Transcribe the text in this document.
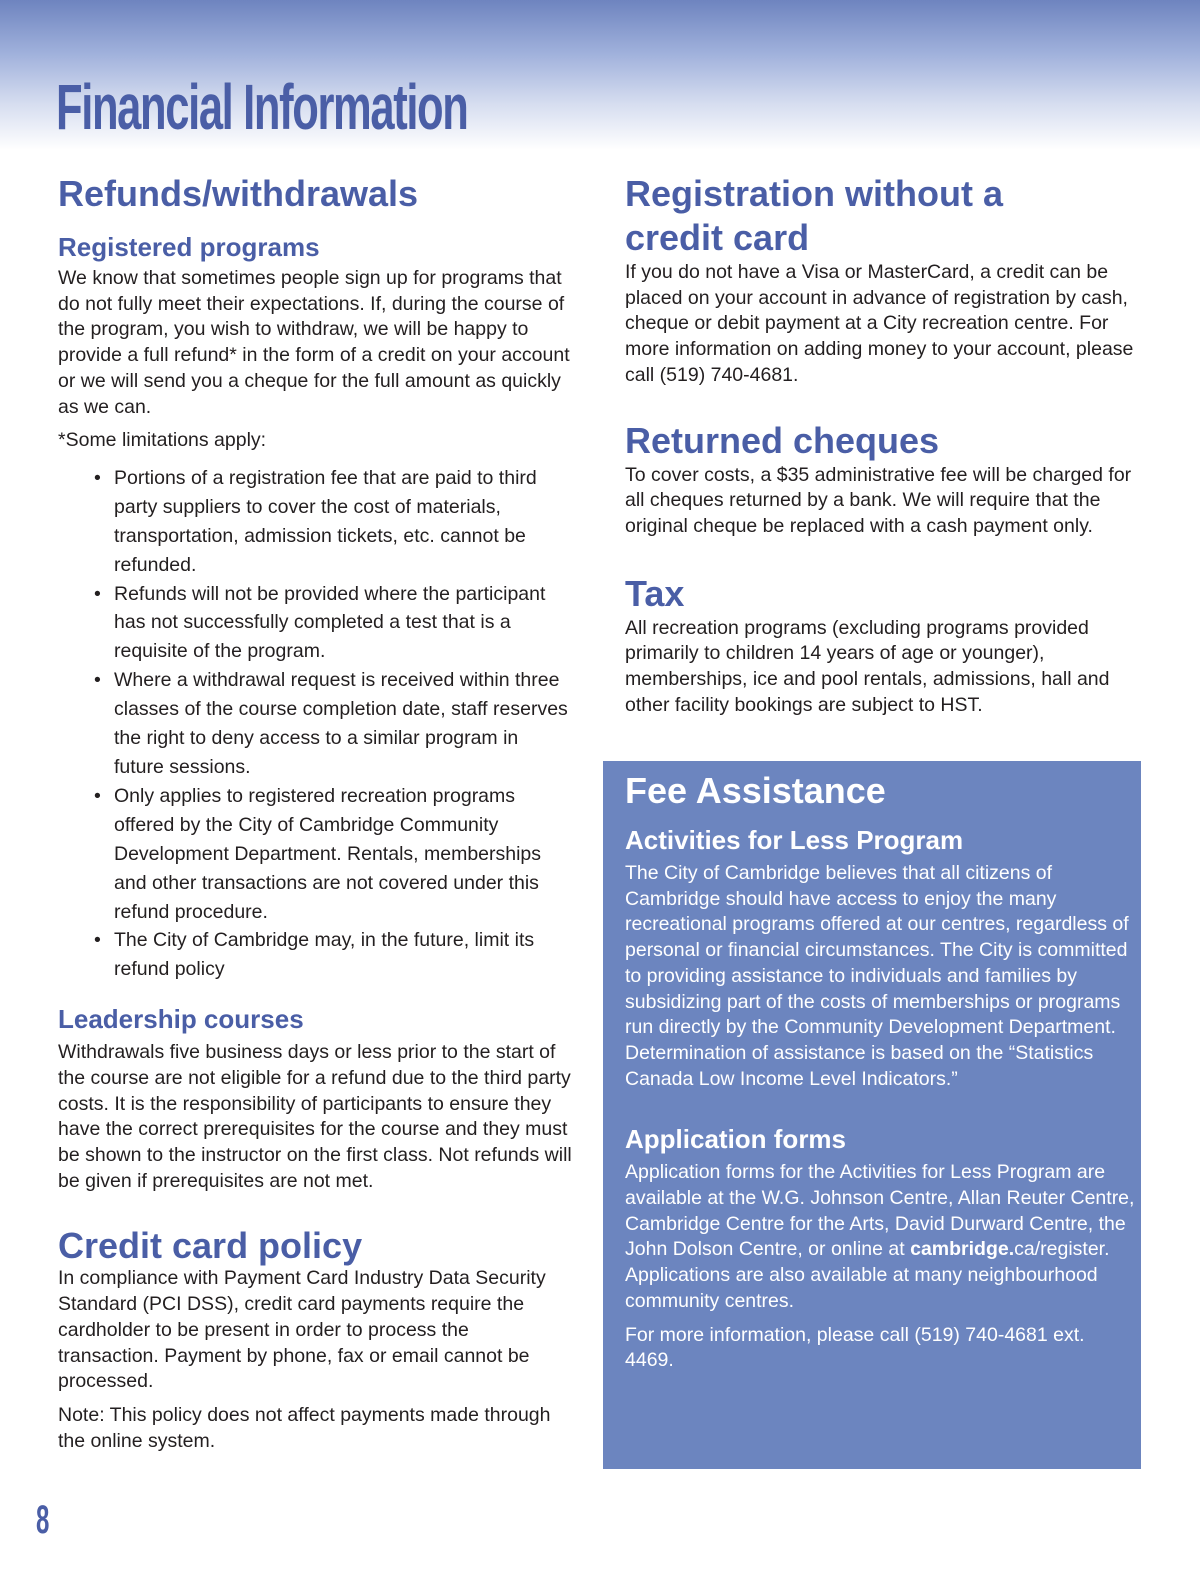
Financial Information
Refunds/withdrawals
Registered programs

We know that sometimes people sign up for programs that do not fully meet their expectations. If, during the course of the program, you wish to withdraw, we will be happy to provide a full refund* in the form of a credit on your account or we will send you a cheque for the full amount as quickly as we can.

*Some limitations apply:

• Portions of a registration fee that are paid to third party suppliers to cover the cost of materials, transportation, admission tickets, etc. cannot be refunded.
• Refunds will not be provided where the participant has not successfully completed a test that is a requisite of the program.
• Where a withdrawal request is received within three classes of the course completion date, staff reserves the right to deny access to a similar program in future sessions.
• Only applies to registered recreation programs offered by the City of Cambridge Community Development Department. Rentals, memberships and other transactions are not covered under this refund procedure.
• The City of Cambridge may, in the future, limit its refund policy
Leadership courses

Withdrawals five business days or less prior to the start of the course are not eligible for a refund due to the third party costs. It is the responsibility of participants to ensure they have the correct prerequisites for the course and they must be shown to the instructor on the first class. Not refunds will be given if prerequisites are not met.

Credit card policy

In compliance with Payment Card Industry Data Security Standard (PCI DSS), credit card payments require the cardholder to be present in order to process the transaction. Payment by phone, fax or email cannot be processed.

Note: This policy does not affect payments made through the online system.

Registration without a credit card

If you do not have a Visa or MasterCard, a credit can be placed on your account in advance of registration by cash, cheque or debit payment at a City recreation centre. For more information on adding money to your account, please call (519) 740-4681.

Returned cheques

To cover costs, a $35 administrative fee will be charged for all cheques returned by a bank. We will require that the original cheque be replaced with a cash payment only.

Tax

All recreation programs (excluding programs provided primarily to children 14 years of age or younger), memberships, ice and pool rentals, admissions, hall and other facility bookings are subject to HST.

Fee Assistance
Activities for Less Program

The City of Cambridge believes that all citizens of Cambridge should have access to enjoy the many recreational programs offered at our centres, regardless of personal or financial circumstances. The City is committed to providing assistance to individuals and families by subsidizing part of the costs of memberships or programs run directly by the Community Development Department. Determination of assistance is based on the “Statistics Canada Low Income Level Indicators.”

Application forms

Application forms for the Activities for Less Program are available at the W.G. Johnson Centre, Allan Reuter Centre, Cambridge Centre for the Arts, David Durward Centre, the John Dolson Centre, or online at cambridge.ca/register. Applications are also available at many neighbourhood community centres.

For more information, please call (519) 740-4681 ext. 4469.

8
